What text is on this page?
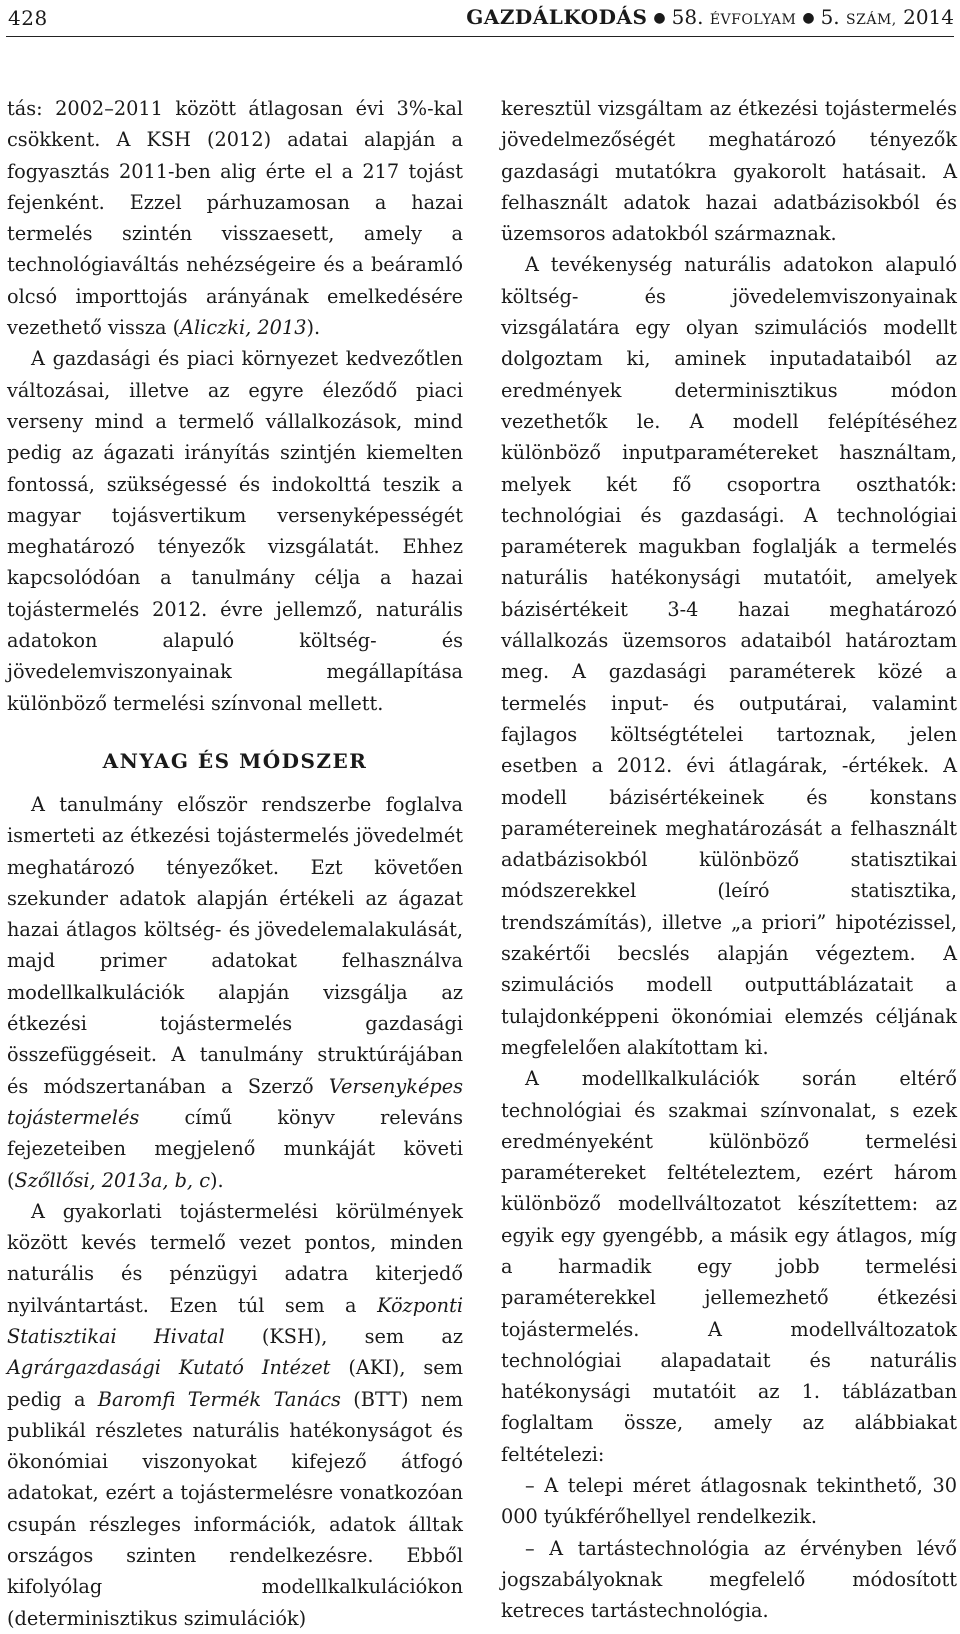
428	GAZDÁLKODÁS ● 58. ÉVFOLYAM ● 5. SZÁM, 2014

tás: 2002–2011 között átlagosan évi 3%-kal csökkent. A KSH (2012) adatai alapján a fogyasztás 2011-ben alig érte el a 217 tojást fejenként. Ezzel párhuzamosan a hazai termelés szintén visszaesett, amely a technológiaváltás nehézségeire és a beáramló olcsó importtojás arányának emelkedésére vezethető vissza (Aliczki, 2013).

A gazdasági és piaci környezet kedvezőtlen változásai, illetve az egyre éleződő piaci verseny mind a termelő vállalkozások, mind pedig az ágazati irányítás szintjén kiemelten fontossá, szükségessé és indokolttá teszik a magyar tojásvertikum versenyképességét meghatározó tényezők vizsgálatát. Ehhez kapcsolódóan a tanulmány célja a hazai tojástermelés 2012. évre jellemző, naturális adatokon alapuló költség- és jövedelemviszonyainak megállapítása különböző termelési színvonal mellett.

ANYAG ÉS MÓDSZER

A tanulmány először rendszerbe foglalva ismerteti az étkezési tojástermelés jövedelmét meghatározó tényezőket. Ezt követően szekunder adatok alapján értékeli az ágazat hazai átlagos költség- és jövedelemalakulását, majd primer adatokat felhasználva modellkalkulációk alapján vizsgálja az étkezési tojástermelés gazdasági összefüggéseit. A tanulmány struktúrájában és módszertanában a Szerző Versenyképes tojástermelés című könyv releváns fejezeteiben megjelenő munkáját követi (Szőllősi, 2013a, b, c).

A gyakorlati tojástermelési körülmények között kevés termelő vezet pontos, minden naturális és pénzügyi adatra kiterjedő nyilvántartást. Ezen túl sem a Központi Statisztikai Hivatal (KSH), sem az Agrárgazdasági Kutató Intézet (AKI), sem pedig a Baromfi Termék Tanács (BTT) nem publikál részletes naturális hatékonyságot és ökonómiai viszonyokat kifejező átfogó adatokat, ezért a tojástermelésre vonatkozóan csupán részleges információk, adatok álltak országos szinten rendelkezésre. Ebből kifolyólag modellkalkulációkon (determinisztikus szimulációk)

keresztül vizsgáltam az étkezési tojástermelés jövedelmezőségét meghatározó tényezők gazdasági mutatókra gyakorolt hatásait. A felhasznált adatok hazai adatbázisokból és üzemsoros adatokból származnak.

A tevékenység naturális adatokon alapuló költség- és jövedelemviszonyainak vizsgálatára egy olyan szimulációs modellt dolgoztam ki, aminek inputadataiból az eredmények determinisztikus módon vezethetők le. A modell felépítéséhez különböző inputparamétereket használtam, melyek két fő csoportra oszthatók: technológiai és gazdasági. A technológiai paraméterek magukban foglalják a termelés naturális hatékonysági mutatóit, amelyek bázisértékeit 3-4 hazai meghatározó vállalkozás üzemsoros adataiból határoztam meg. A gazdasági paraméterek közé a termelés input- és outputárai, valamint fajlagos költségtételei tartoznak, jelen esetben a 2012. évi átlagárak, -értékek. A modell bázisértékeinek és konstans paramétereinek meghatározását a felhasznált adatbázisokból különböző statisztikai módszerekkel (leíró statisztika, trendszámítás), illetve „a priori” hipotézissel, szakértői becslés alapján végeztem. A szimulációs modell outputtáblázatait a tulajdonképpeni ökonómiai elemzés céljának megfelelően alakítottam ki.

A modellkalkulációk során eltérő technológiai és szakmai színvonalat, s ezek eredményeként különböző termelési paramétereket feltételeztem, ezért három különböző modellváltozatot készítettem: az egyik egy gyengébb, a másik egy átlagos, míg a harmadik egy jobb termelési paraméterekkel jellemezhető étkezési tojástermelés. A modellváltozatok technológiai alapadatait és naturális hatékonysági mutatóit az 1. táblázatban foglaltam össze, amely az alábbiakat feltételezi:

– A telepi méret átlagosnak tekinthető, 30 000 tyúkférőhellyel rendelkezik.

– A tartástechnológia az érvényben lévő jogszabályoknak megfelelő módosított ketreces tartástechnológia.
